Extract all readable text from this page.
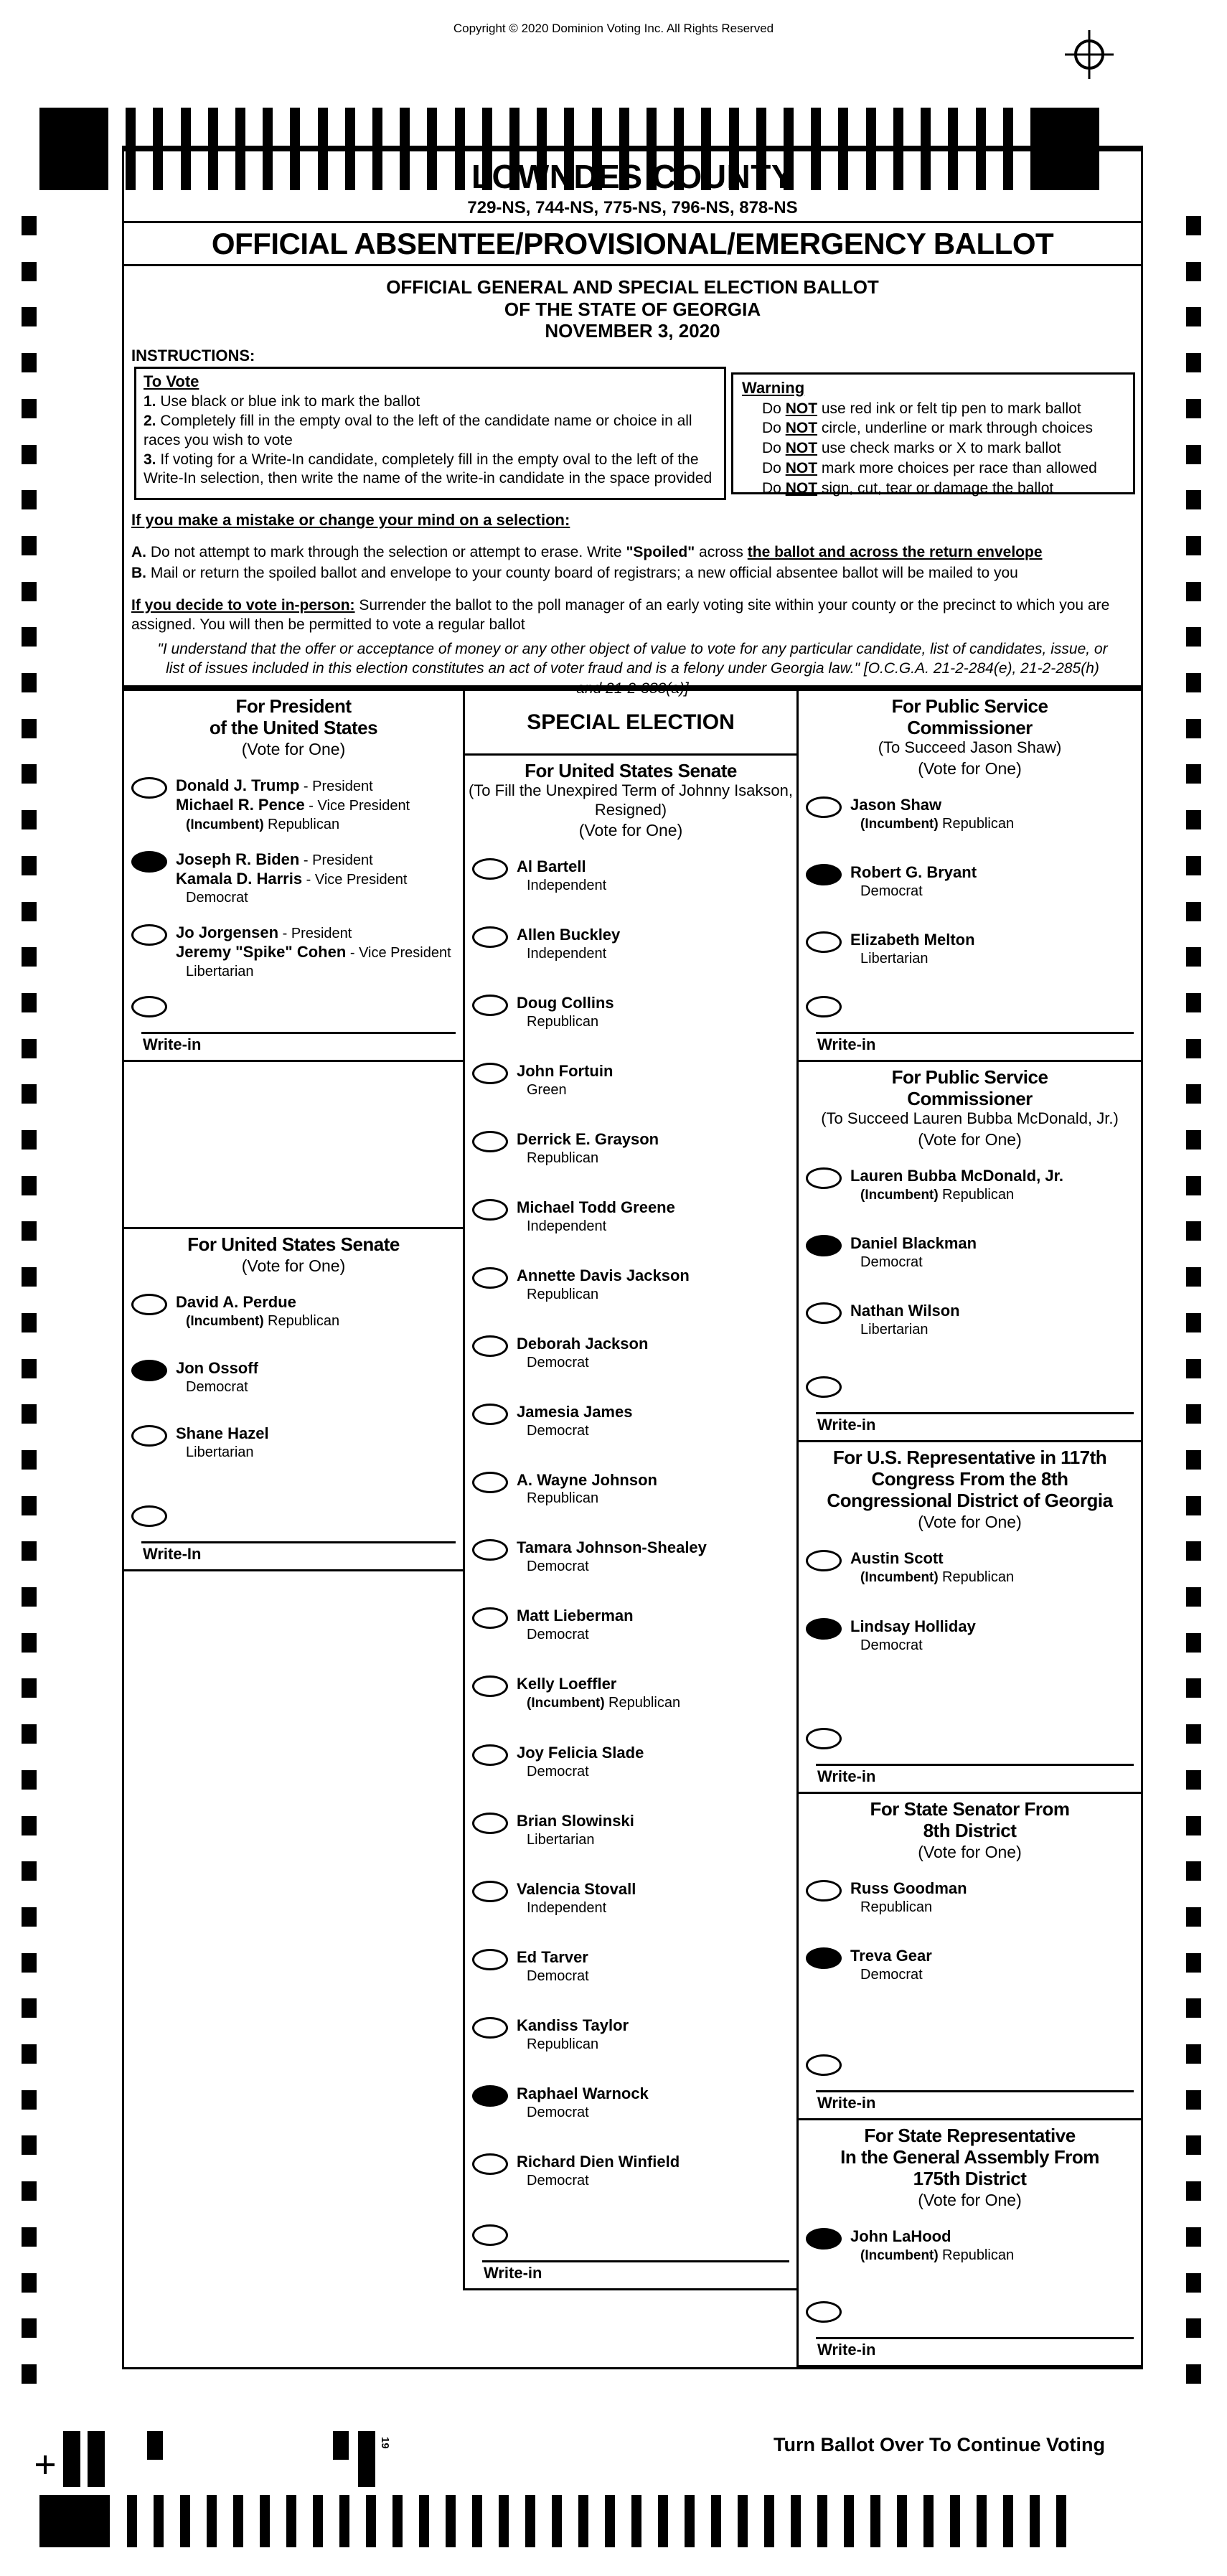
Copyright © 2020 Dominion Voting Inc. All Rights Reserved
LOWNDES COUNTY
729-NS, 744-NS, 775-NS, 796-NS, 878-NS
OFFICIAL ABSENTEE/PROVISIONAL/EMERGENCY BALLOT
OFFICIAL GENERAL AND SPECIAL ELECTION BALLOT
OF THE STATE OF GEORGIA
NOVEMBER 3, 2020
INSTRUCTIONS:
To Vote
1. Use black or blue ink to mark the ballot
2. Completely fill in the empty oval to the left of the candidate name or choice in all races you wish to vote
3. If voting for a Write-In candidate, completely fill in the empty oval to the left of the Write-In selection, then write the name of the write-in candidate in the space provided
Warning
Do NOT use red ink or felt tip pen to mark ballot
Do NOT circle, underline or mark through choices
Do NOT use check marks or X to mark ballot
Do NOT mark more choices per race than allowed
Do NOT sign, cut, tear or damage the ballot
If you make a mistake or change your mind on a selection:
A. Do not attempt to mark through the selection or attempt to erase. Write "Spoiled" across the ballot and across the return envelope
B. Mail or return the spoiled ballot and envelope to your county board of registrars; a new official absentee ballot will be mailed to you
If you decide to vote in-person: Surrender the ballot to the poll manager of an early voting site within your county or the precinct to which you are assigned. You will then be permitted to vote a regular ballot
"I understand that the offer or acceptance of money or any other object of value to vote for any particular candidate, list of candidates, issue, or list of issues included in this election constitutes an act of voter fraud and is a felony under Georgia law." [O.C.G.A. 21-2-284(e), 21-2-285(h) and 21-2-383(a)]
For President
of the United States
(Vote for One)
Donald J. Trump - President
Michael R. Pence - Vice President
(Incumbent) Republican
Joseph R. Biden - President
Kamala D. Harris - Vice President
Democrat
Jo Jorgensen - President
Jeremy "Spike" Cohen - Vice President
Libertarian
Write-in
For United States Senate
(Vote for One)
David A. Perdue
(Incumbent) Republican
Jon Ossoff
Democrat
Shane Hazel
Libertarian
Write-In
SPECIAL ELECTION
For United States Senate
(To Fill the Unexpired Term of Johnny Isakson, Resigned)
(Vote for One)
Al Bartell
Independent
Allen Buckley
Independent
Doug Collins
Republican
John Fortuin
Green
Derrick E. Grayson
Republican
Michael Todd Greene
Independent
Annette Davis Jackson
Republican
Deborah Jackson
Democrat
Jamesia James
Democrat
A. Wayne Johnson
Republican
Tamara Johnson-Shealey
Democrat
Matt Lieberman
Democrat
Kelly Loeffler
(Incumbent) Republican
Joy Felicia Slade
Democrat
Brian Slowinski
Libertarian
Valencia Stovall
Independent
Ed Tarver
Democrat
Kandiss Taylor
Republican
Raphael Warnock
Democrat
Richard Dien Winfield
Democrat
Write-in
For Public Service
Commissioner
(To Succeed Jason Shaw)
(Vote for One)
Jason Shaw
(Incumbent) Republican
Robert G. Bryant
Democrat
Elizabeth Melton
Libertarian
Write-in
For Public Service
Commissioner
(To Succeed Lauren Bubba McDonald, Jr.)
(Vote for One)
Lauren Bubba McDonald, Jr.
(Incumbent) Republican
Daniel Blackman
Democrat
Nathan Wilson
Libertarian
Write-in
For U.S. Representative in 117th
Congress From the 8th
Congressional District of Georgia
(Vote for One)
Austin Scott
(Incumbent) Republican
Lindsay Holliday
Democrat
Write-in
For State Senator From
8th District
(Vote for One)
Russ Goodman
Republican
Treva Gear
Democrat
Write-in
For State Representative
In the General Assembly From
175th District
(Vote for One)
John LaHood
(Incumbent) Republican
Write-in
Turn Ballot Over To Continue Voting
19
